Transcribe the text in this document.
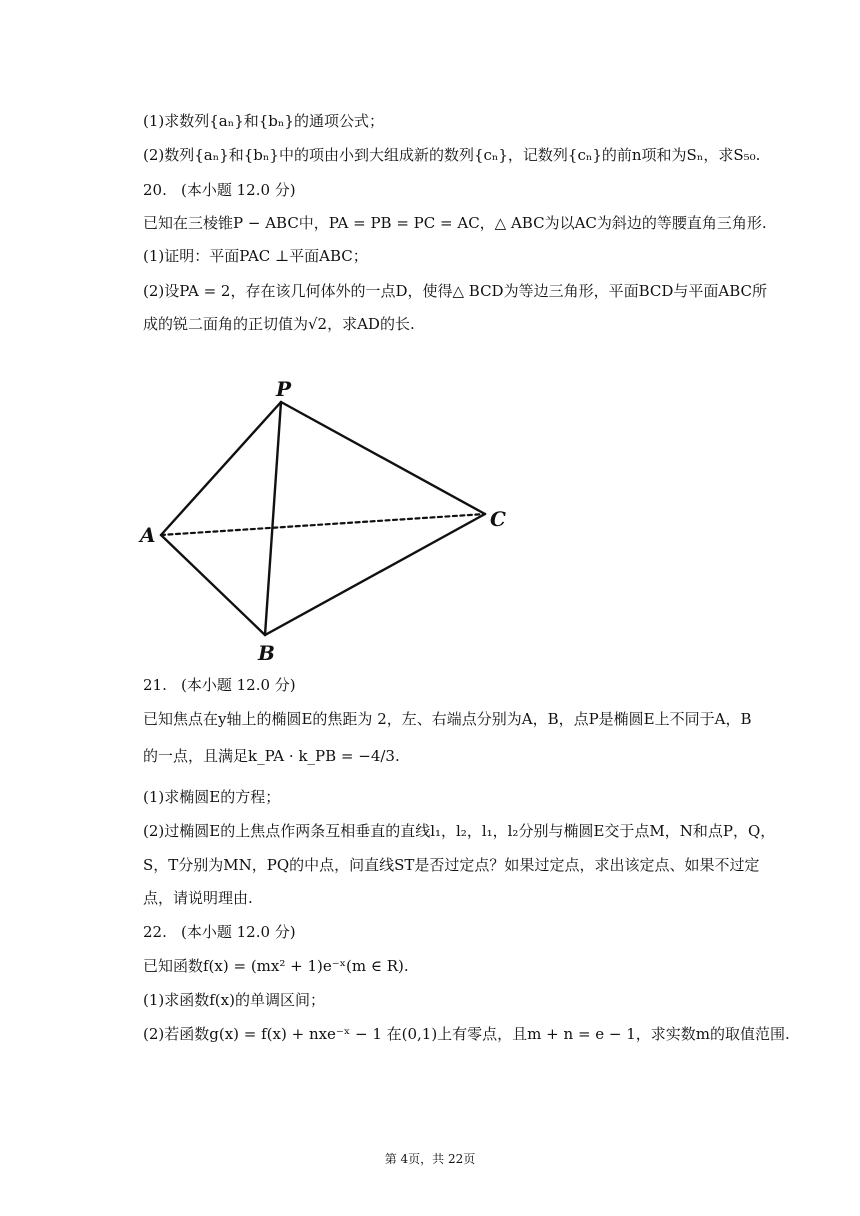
(1)求数列{aₙ}和{bₙ}的通项公式；
(2)数列{aₙ}和{bₙ}中的项由小到大组成新的数列{cₙ}，记数列{cₙ}的前n项和为Sₙ，求S₅₀.
20. (本小题 12.0 分)
已知在三棱锥P − ABC中，PA = PB = PC = AC，△ ABC为以AC为斜边的等腰直角三角形.
(1)证明：平面PAC ⊥平面ABC；
(2)设PA = 2，存在该几何体外的一点D，使得△ BCD为等边三角形，平面BCD与平面ABC所
成的锐二面角的正切值为√2，求AD的长.
P
A
B
C
21. (本小题 12.0 分)
已知焦点在y轴上的椭圆E的焦距为 2，左、右端点分别为A，B，点P是椭圆E上不同于A，B
的一点，且满足k_PA · k_PB = −4/3.
(1)求椭圆E的方程；
(2)过椭圆E的上焦点作两条互相垂直的直线l₁，l₂，l₁，l₂分别与椭圆E交于点M，N和点P，Q，
S，T分别为MN，PQ的中点，问直线ST是否过定点？如果过定点，求出该定点、如果不过定
点，请说明理由.
22. (本小题 12.0 分)
已知函数f(x) = (mx² + 1)e⁻ˣ(m ∈ R).
(1)求函数f(x)的单调区间；
(2)若函数g(x) = f(x) + nxe⁻ˣ − 1 在(0,1)上有零点，且m + n = e − 1，求实数m的取值范围.
第 4页，共 22页
